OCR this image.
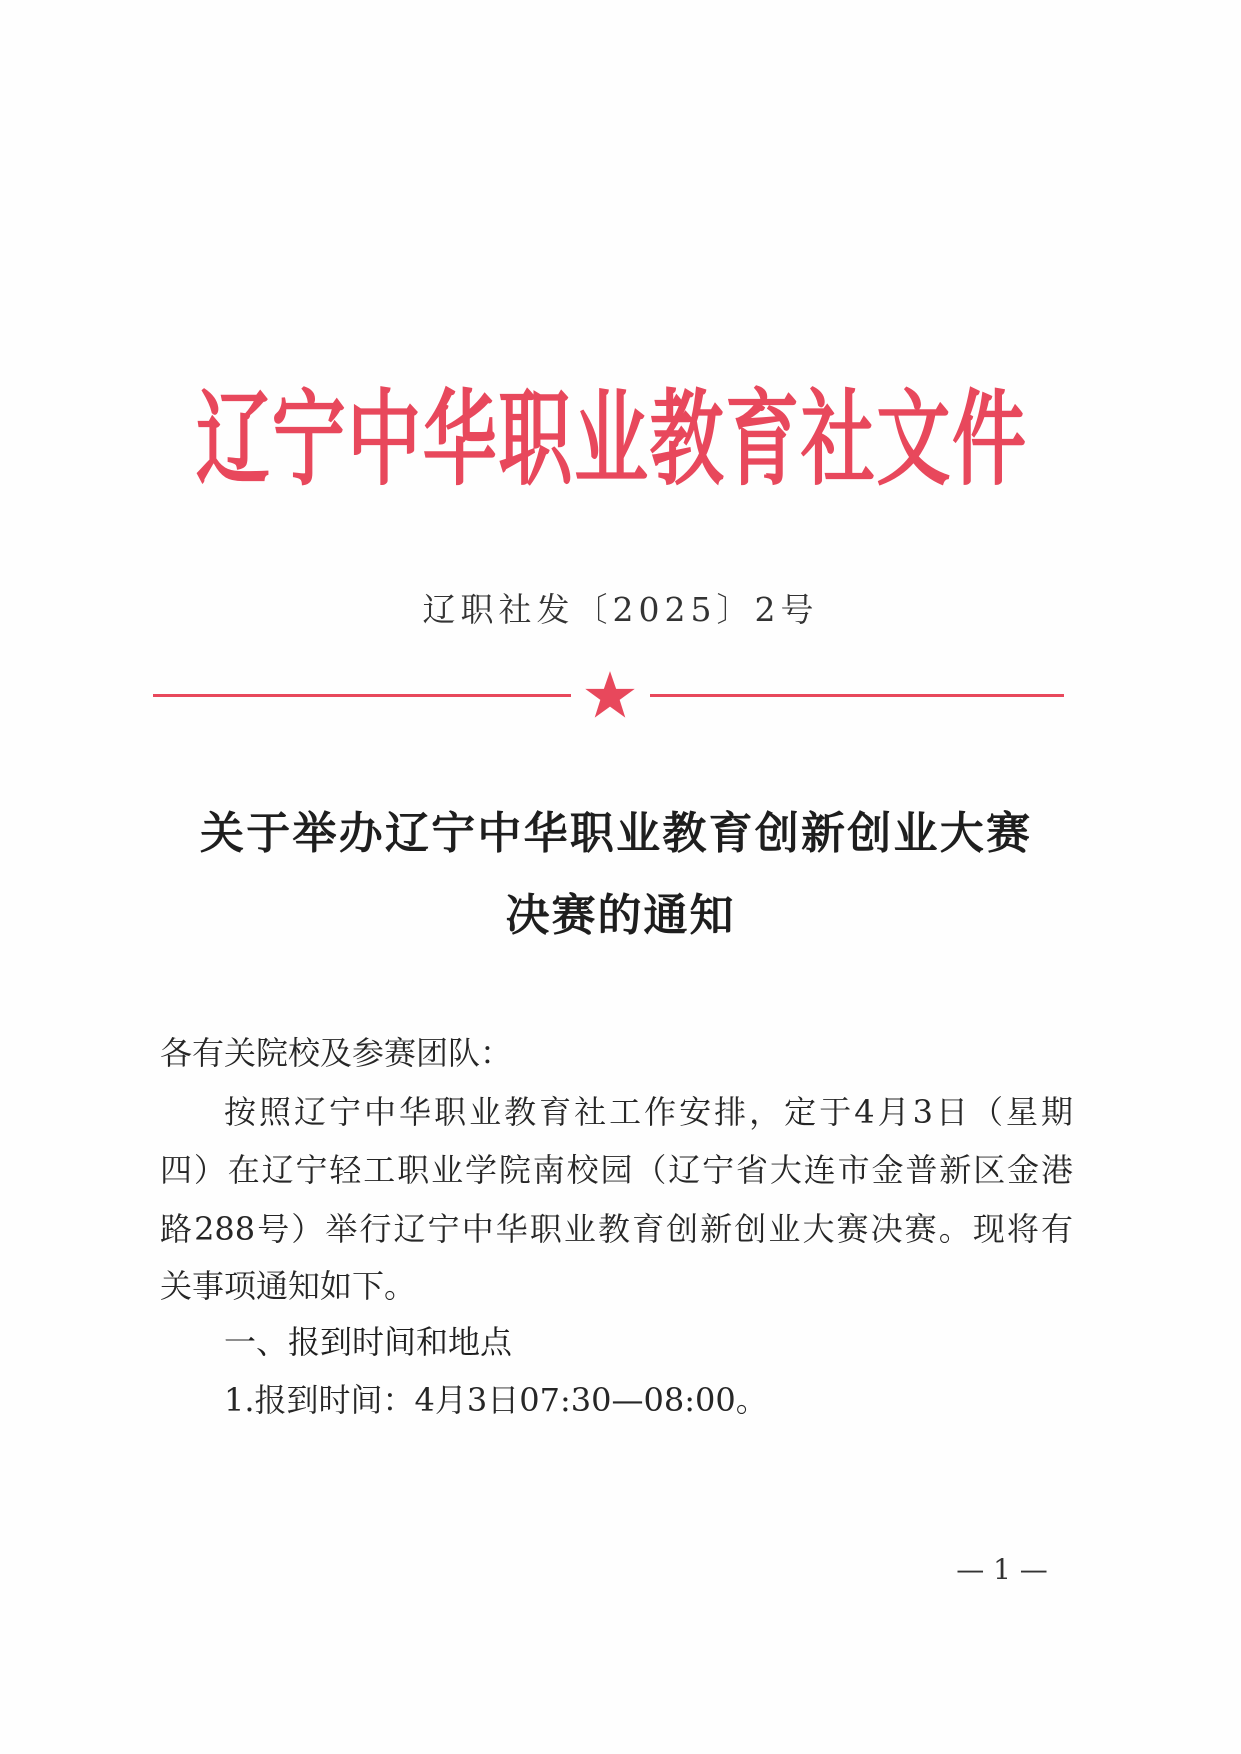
辽宁中华职业教育社文件
辽职社发〔2025〕2号
关于举办辽宁中华职业教育创新创业大赛
决赛的通知
各有关院校及参赛团队：
按照辽宁中华职业教育社工作安排，定于4月3日（星期
四）在辽宁轻工职业学院南校园（辽宁省大连市金普新区金港
路288号）举行辽宁中华职业教育创新创业大赛决赛。现将有
关事项通知如下。
一、报到时间和地点
1.报到时间：4月3日07:30—08:00。
— 1 —
